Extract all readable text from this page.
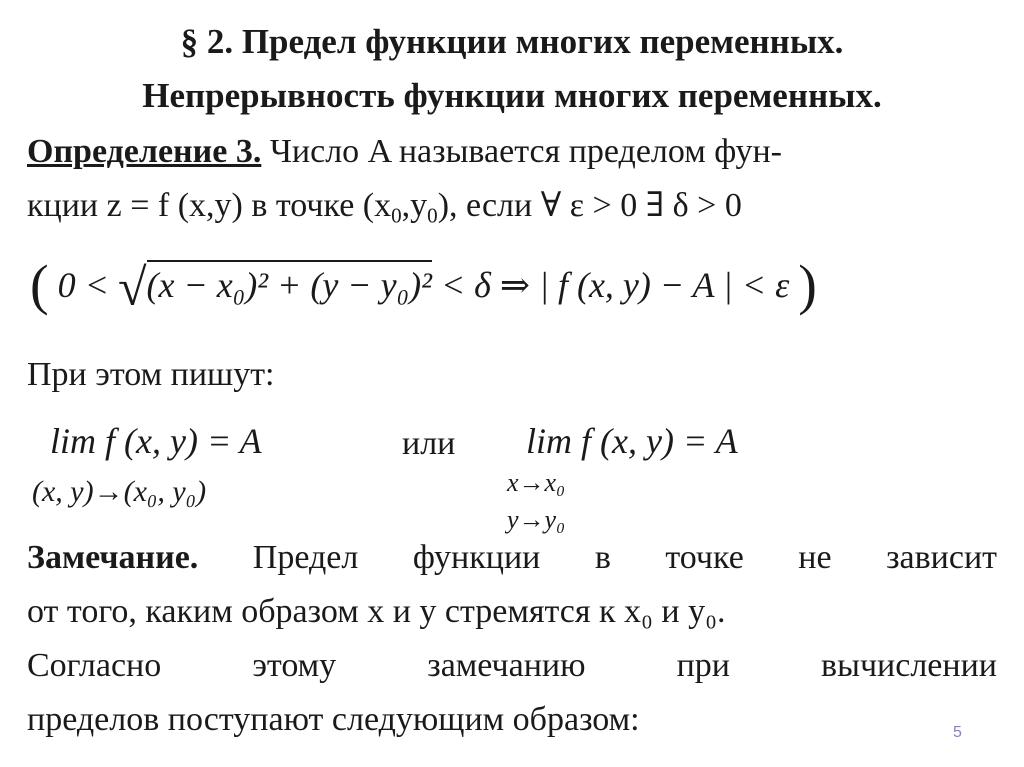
§ 2. Предел функции многих переменных.
Непрерывность функции многих переменных.
Определение 3. Число A называется пределом фун-
кции z = f (x,y) в точке $(x_0,y_0)$, если ∀ ε > 0 ∃ δ > 0
( 0 < √(x − x₀)² + (y − y₀)² < δ ⇒ | f (x, y) − A | < ε )
При этом пишут:
lim f (x, y) = A
(x, y)→(x₀, y₀)
или lim f (x, y) = A
x→x₀
y→y₀
Замечание. Предел функции в точке не зависит
от того, каким образом x и y стремятся к x₀ и y₀.
Согласно этому замечанию при вычислении
пределов поступают следующим образом:	5
